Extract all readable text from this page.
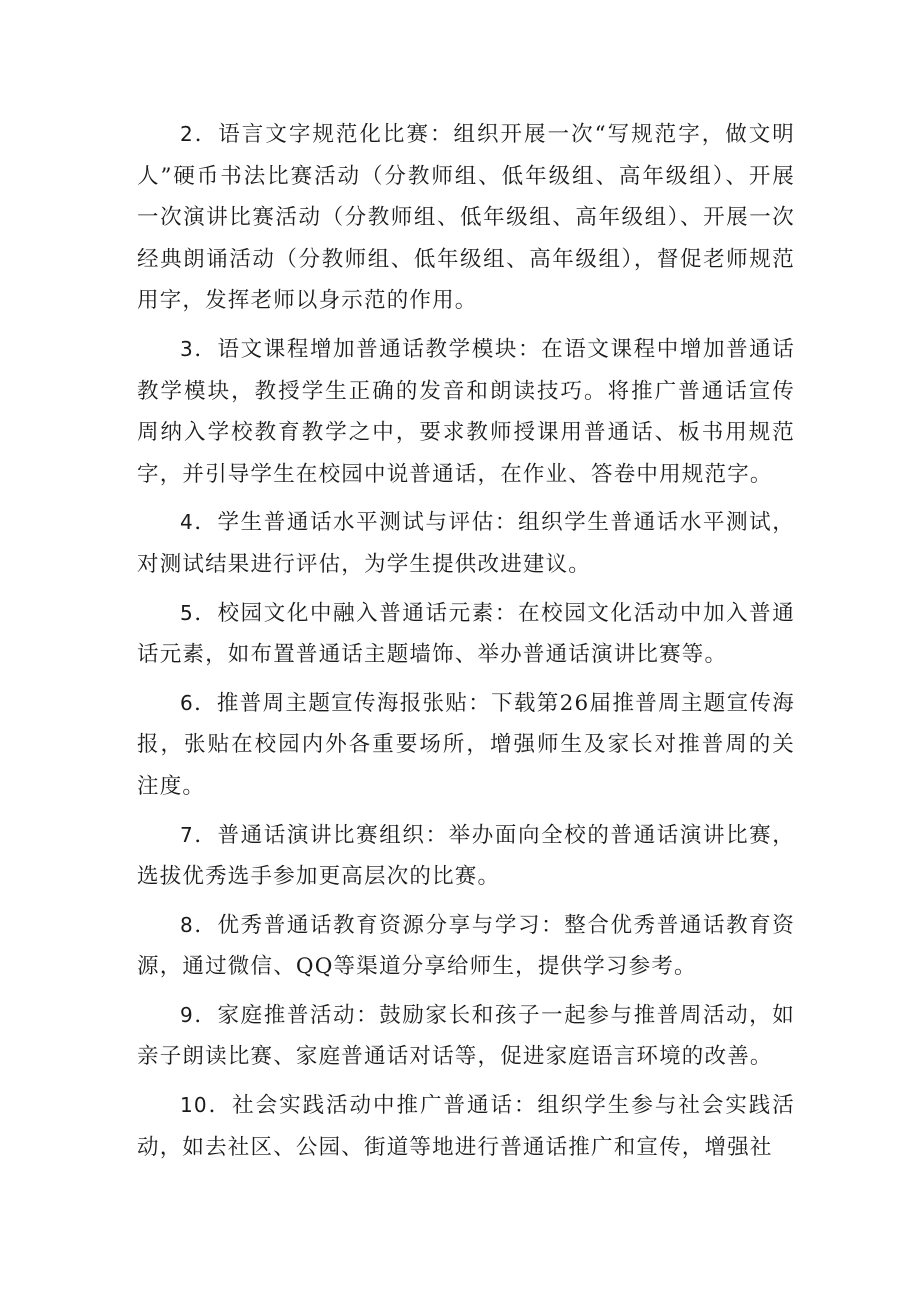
2．语言文字规范化比赛：组织开展一次“写规范字，做文明人”硬币书法比赛活动（分教师组、低年级组、高年级组）、开展一次演讲比赛活动（分教师组、低年级组、高年级组）、开展一次经典朗诵活动（分教师组、低年级组、高年级组），督促老师规范用字，发挥老师以身示范的作用。

3．语文课程增加普通话教学模块：在语文课程中增加普通话教学模块，教授学生正确的发音和朗读技巧。将推广普通话宣传周纳入学校教育教学之中，要求教师授课用普通话、板书用规范字，并引导学生在校园中说普通话，在作业、答卷中用规范字。

4．学生普通话水平测试与评估：组织学生普通话水平测试，对测试结果进行评估，为学生提供改进建议。

5．校园文化中融入普通话元素：在校园文化活动中加入普通话元素，如布置普通话主题墙饰、举办普通话演讲比赛等。

6．推普周主题宣传海报张贴：下载第26届推普周主题宣传海报，张贴在校园内外各重要场所，增强师生及家长对推普周的关注度。

7．普通话演讲比赛组织：举办面向全校的普通话演讲比赛，选拔优秀选手参加更高层次的比赛。

8．优秀普通话教育资源分享与学习：整合优秀普通话教育资源，通过微信、QQ等渠道分享给师生，提供学习参考。

9．家庭推普活动：鼓励家长和孩子一起参与推普周活动，如亲子朗读比赛、家庭普通话对话等，促进家庭语言环境的改善。

10．社会实践活动中推广普通话：组织学生参与社会实践活动，如去社区、公园、街道等地进行普通话推广和宣传，增强社
